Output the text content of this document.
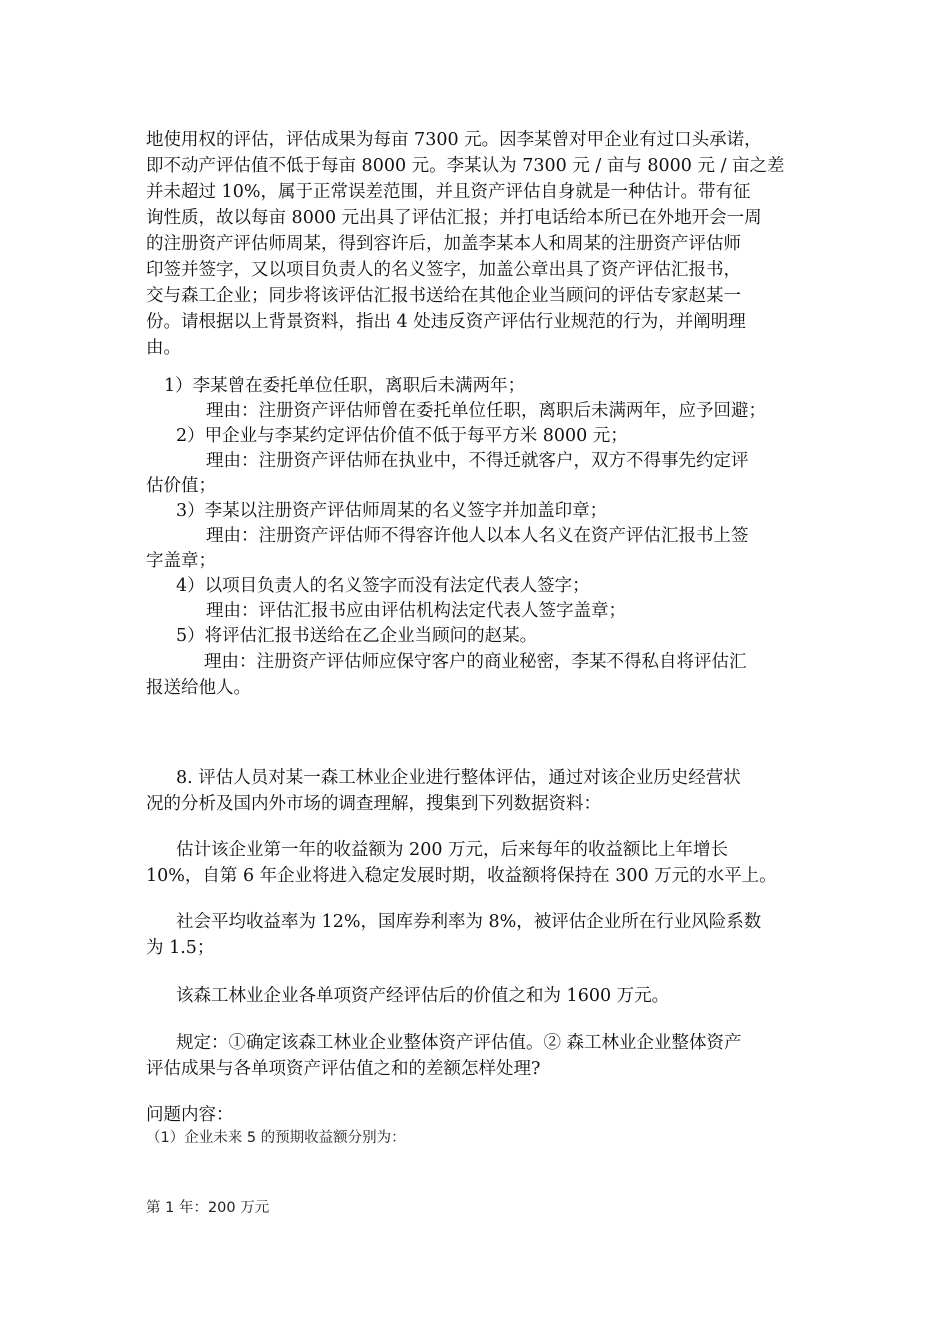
地使用权的评估，评估成果为每亩 7300 元。因李某曾对甲企业有过口头承诺，
即不动产评估值不低于每亩 8000 元。李某认为 7300 元 / 亩与 8000 元 / 亩之差
并未超过 10%，属于正常误差范围，并且资产评估自身就是一种估计。带有征
询性质，故以每亩 8000 元出具了评估汇报；并打电话给本所已在外地开会一周
的注册资产评估师周某，得到容许后，加盖李某本人和周某的注册资产评估师
印签并签字，又以项目负责人的名义签字，加盖公章出具了资产评估汇报书，
交与森工企业；同步将该评估汇报书送给在其他企业当顾问的评估专家赵某一
份。请根据以上背景资料，指出 4 处违反资产评估行业规范的行为，并阐明理
由。
1）李某曾在委托单位任职，离职后未满两年；
理由：注册资产评估师曾在委托单位任职，离职后未满两年，应予回避；
2）甲企业与李某约定评估价值不低于每平方米 8000 元；
理由：注册资产评估师在执业中，不得迁就客户，双方不得事先约定评
估价值；
3）李某以注册资产评估师周某的名义签字并加盖印章；
理由：注册资产评估师不得容许他人以本人名义在资产评估汇报书上签
字盖章；
4）以项目负责人的名义签字而没有法定代表人签字；
理由：评估汇报书应由评估机构法定代表人签字盖章；
5）将评估汇报书送给在乙企业当顾问的赵某。
理由：注册资产评估师应保守客户的商业秘密，李某不得私自将评估汇
报送给他人。
8. 评估人员对某一森工林业企业进行整体评估，通过对该企业历史经营状
况的分析及国内外市场的调查理解，搜集到下列数据资料：
估计该企业第一年的收益额为 200 万元，后来每年的收益额比上年增长
10%，自第 6 年企业将进入稳定发展时期，收益额将保持在 300 万元的水平上。
社会平均收益率为 12%，国库券利率为 8%，被评估企业所在行业风险系数
为 1.5；
该森工林业企业各单项资产经评估后的价值之和为 1600 万元。
规定：①确定该森工林业企业整体资产评估值。② 森工林业企业整体资产
评估成果与各单项资产评估值之和的差额怎样处理?
问题内容：
（1）企业未来 5 的预期收益额分别为：
第 1 年：200 万元
